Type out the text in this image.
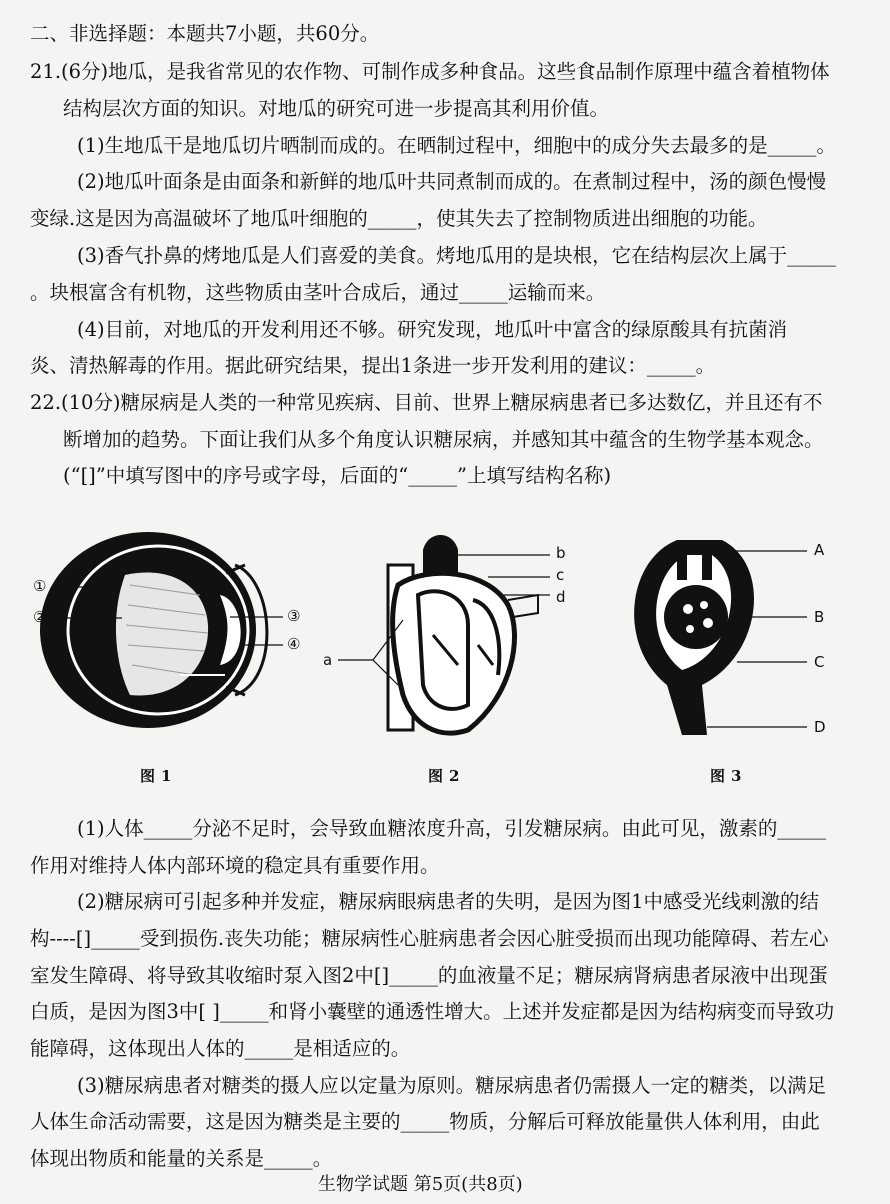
二、非选择题：本题共7小题，共60分。
21.(6分)地瓜，是我省常见的农作物、可制作成多种食品。这些食品制作原理中蕴含着植物体
结构层次方面的知识。对地瓜的研究可进一步提高其利用价值。
(1)生地瓜干是地瓜切片晒制而成的。在晒制过程中，细胞中的成分失去最多的是_____。
(2)地瓜叶面条是由面条和新鲜的地瓜叶共同煮制而成的。在煮制过程中，汤的颜色慢慢
变绿.这是因为高温破坏了地瓜叶细胞的_____，使其失去了控制物质进出细胞的功能。
(3)香气扑鼻的烤地瓜是人们喜爱的美食。烤地瓜用的是块根，它在结构层次上属于_____
。块根富含有机物，这些物质由茎叶合成后，通过_____运输而来。
(4)目前，对地瓜的开发利用还不够。研究发现，地瓜叶中富含的绿原酸具有抗菌消
炎、清热解毒的作用。据此研究结果，提出1条进一步开发利用的建议：_____。
22.(10分)糖尿病是人类的一种常见疾病、目前、世界上糖尿病患者已多达数亿，并且还有不
断增加的趋势。下面让我们从多个角度认识糖尿病，并感知其中蕴含的生物学基本观念。
(“[]”中填写图中的序号或字母，后面的“_____”上填写结构名称)
①
②	③
④
图1
b
c
d
a
图2
A
B
C
D
图3
(1)人体_____分泌不足时，会导致血糖浓度升高，引发糖尿病。由此可见，激素的_____
作用对维持人体内部环境的稳定具有重要作用。
(2)糖尿病可引起多种并发症，糖尿病眼病患者的失明，是因为图1中感受光线刺激的结
构----[]_____受到损伤.丧失功能；糖尿病性心脏病患者会因心脏受损而出现功能障碍、若左心
室发生障碍、将导致其收缩时泵入图2中[]_____的血液量不足；糖尿病肾病患者尿液中出现蛋
白质，是因为图3中[ ]_____和肾小囊壁的通透性增大。上述并发症都是因为结构病变而导致功
能障碍，这体现出人体的_____是相适应的。
(3)糖尿病患者对糖类的摄人应以定量为原则。糖尿病患者仍需摄人一定的糖类，以满足
人体生命活动需要，这是因为糖类是主要的_____物质，分解后可释放能量供人体利用，由此
体现出物质和能量的关系是_____。
生物学试题 第5页(共8页)
